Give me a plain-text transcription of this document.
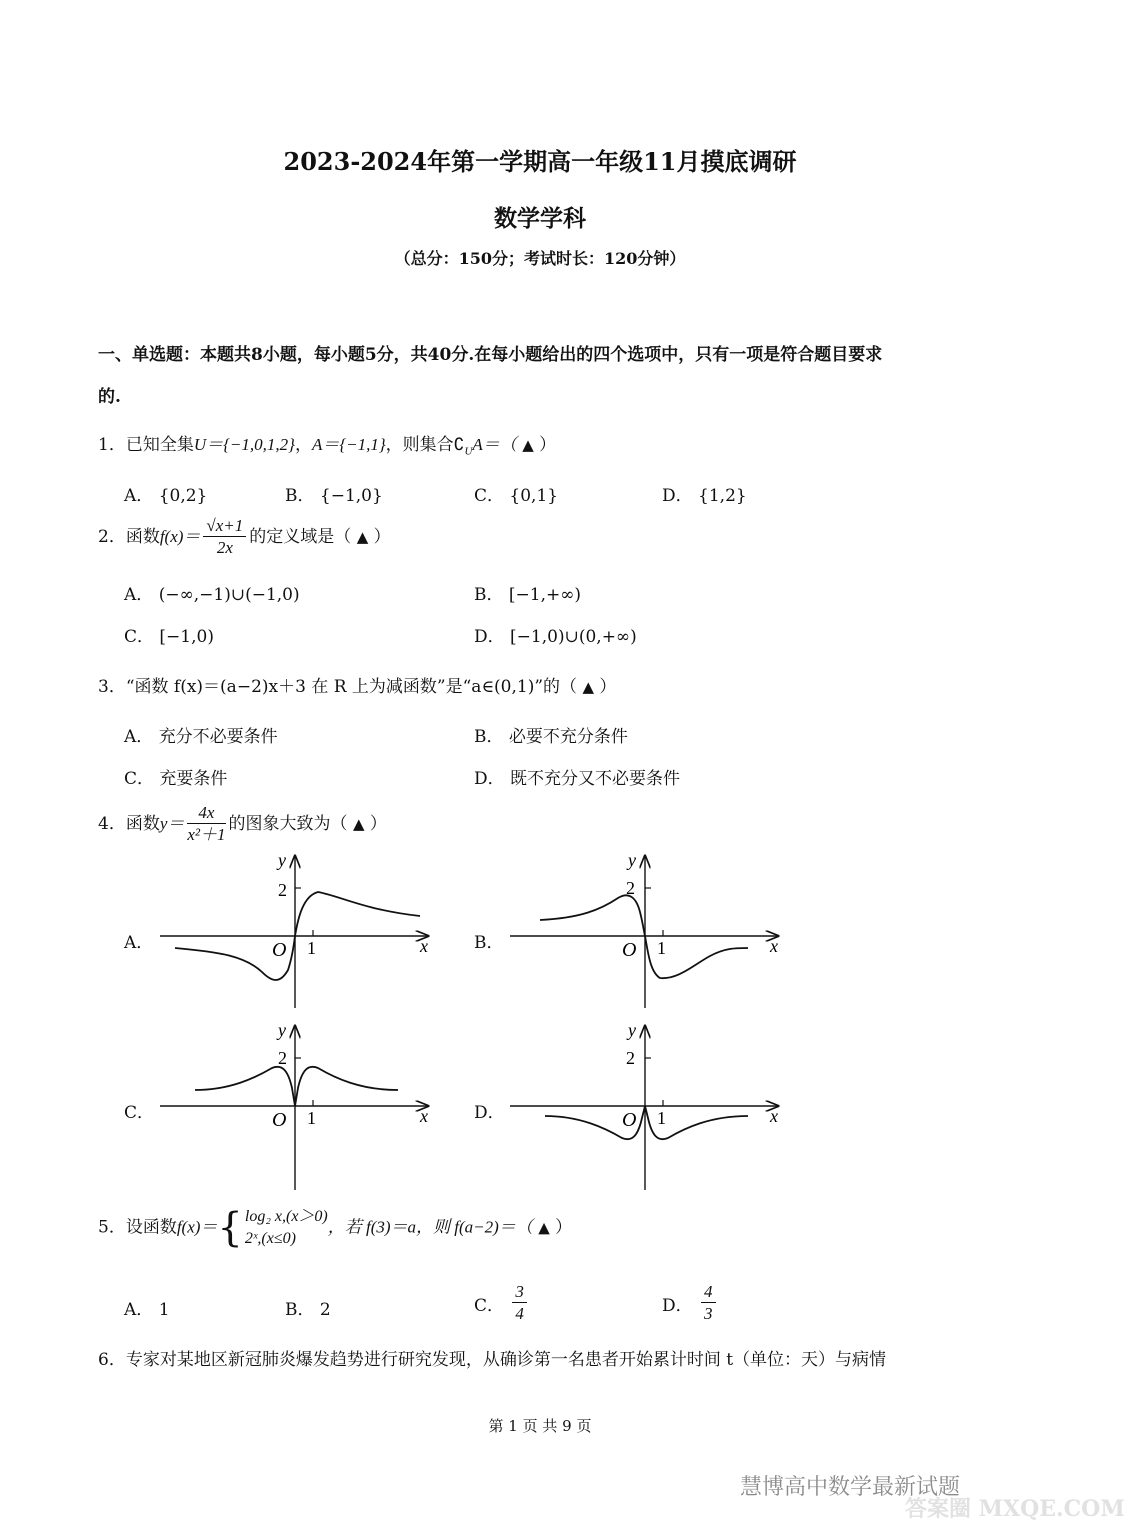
2023-2024年第一学期高一年级11月摸底调研
数学学科
（总分：150分；考试时长：120分钟）
一、单选题：本题共8小题，每小题5分，共40分.在每小题给出的四个选项中，只有一项是符合题目要求
的.
1．已知全集U＝{−1,0,1,2}，A＝{−1,1}，则集合$∁_UA=$（ ▲ ）
A． {0,2}	B． {−1,0}	C． {0,1}	D． {1,2}
2．函数$f(x)= \frac{√x+1}{2x}$ 的定义域是（ ▲ ）
A． (−∞,−1)∪(−1,0)	B． [−1,+∞)
C． [−1,0)	D． [−1,0)∪(0,+∞)
3．“函数 f(x)＝(a−2)x＋3 在 R 上为减函数”是“a∈(0,1)”的（ ▲ ）
A． 充分不必要条件	B． 必要不充分条件
C． 充要条件	D． 既不充分又不必要条件
4．函数$y= \frac{4x}{\text{x²＋1}}$ 的图象大致为（ ▲ ）
A．	B．
C．	D．
y
2
O 1	x
y
2
O 1	x
y
2
O 1	x
y
2
O 1	x
5．设函数f(x)＝{ log₂ x,(x＞0)
2ˣ,(x≤0)
，若 f(3)＝a，则 f(a−2)＝（ ▲ ）
A． 1	B． 2	C． $\frac{3}{4}$	D． $\frac{4}{3}$
6．专家对某地区新冠肺炎爆发趋势进行研究发现，从确诊第一名患者开始累计时间 t（单位：天）与病情
第 1 页 共 9 页
慧博高中数学最新试题
答案圈 MXQE.COM
